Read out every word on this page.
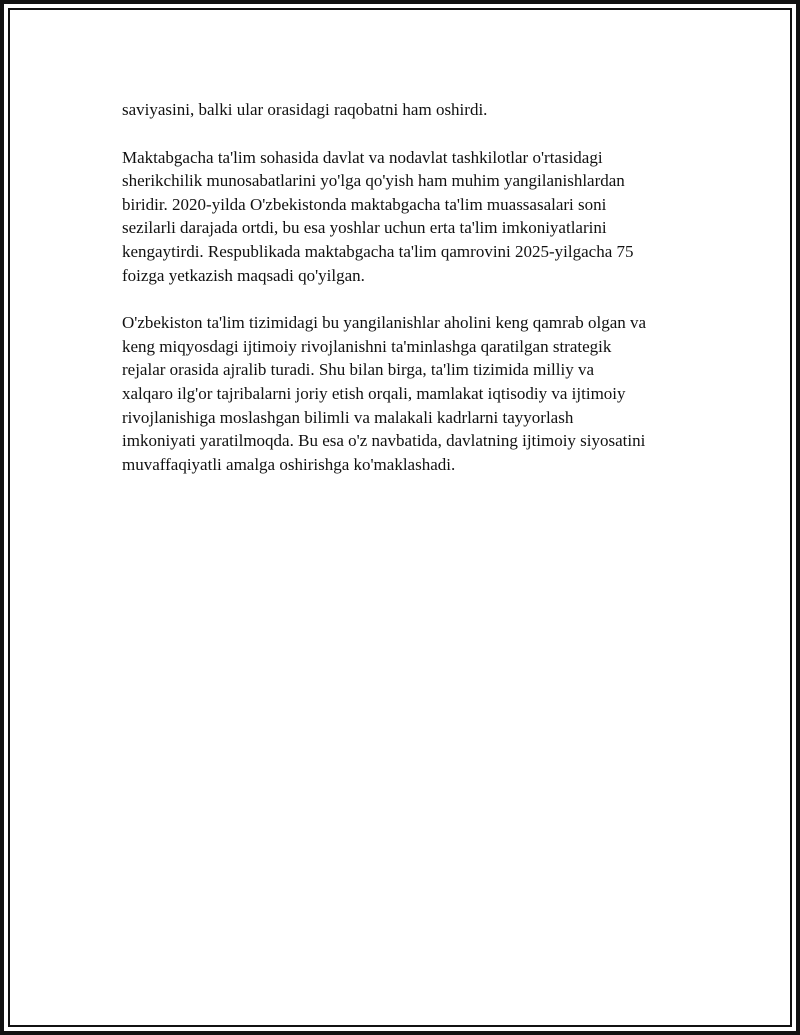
saviyasini, balki ular orasidagi raqobatni ham oshirdi.

Maktabgacha ta'lim sohasida davlat va nodavlat tashkilotlar o'rtasidagi
sherikchilik munosabatlarini yo'lga qo'yish ham muhim yangilanishlardan
biridir. 2020-yilda O'zbekistonda maktabgacha ta'lim muassasalari soni
sezilarli darajada ortdi, bu esa yoshlar uchun erta ta'lim imkoniyatlarini
kengaytirdi. Respublikada maktabgacha ta'lim qamrovini 2025-yilgacha 75
foizga yetkazish maqsadi qo'yilgan.

O'zbekiston ta'lim tizimidagi bu yangilanishlar aholini keng qamrab olgan va
keng miqyosdagi ijtimoiy rivojlanishni ta'minlashga qaratilgan strategik
rejalar orasida ajralib turadi. Shu bilan birga, ta'lim tizimida milliy va
xalqaro ilg'or tajribalarni joriy etish orqali, mamlakat iqtisodiy va ijtimoiy
rivojlanishiga moslashgan bilimli va malakali kadrlarni tayyorlash
imkoniyati yaratilmoqda. Bu esa o'z navbatida, davlatning ijtimoiy siyosatini
muvaffaqiyatli amalga oshirishga ko'maklashadi.
